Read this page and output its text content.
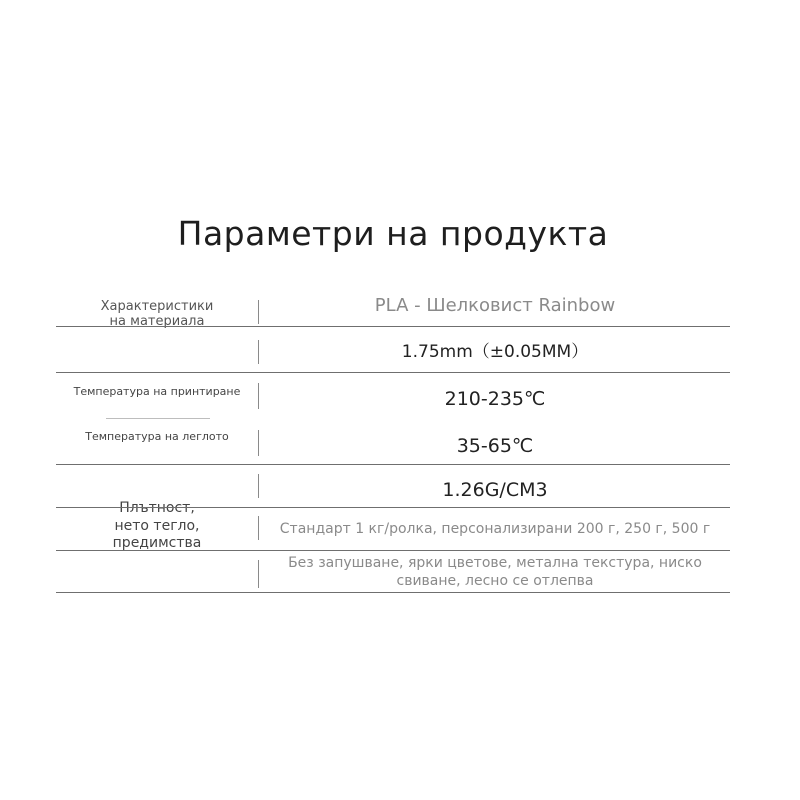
Параметри на продукта
Характеристики
на материала
PLA - Шелковист Rainbow
1.75mm（±0.05MM）
Температура на принтиране	210-235℃
Температура на леглото	35-65℃
Плътност,
нето тегло,
предимства
1.26G/CM3
Стандарт 1 кг/ролка, персонализирани 200 г, 250 г, 500 г
Без запушване, ярки цветове, метална текстура, ниско
свиване, лесно се отлепва
